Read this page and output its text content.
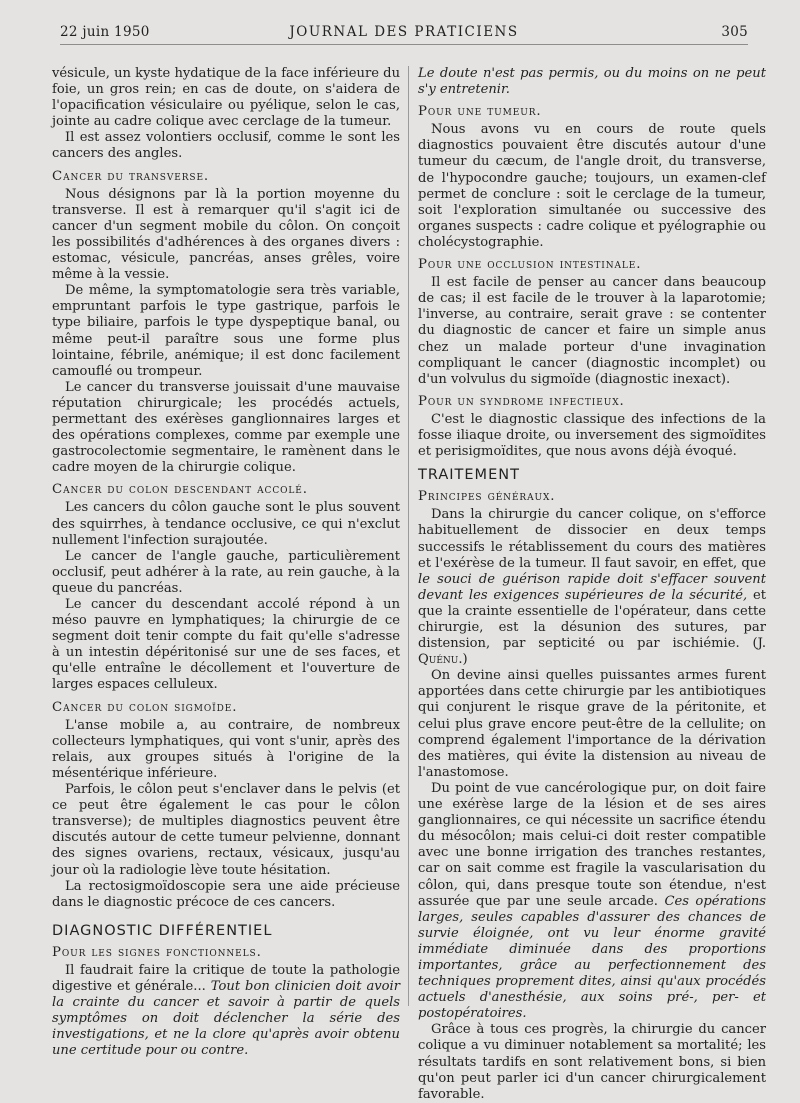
22 juin 1950	JOURNAL DES PRATICIENS	305

vésicule, un kyste hydatique de la face inférieure du foie, un gros rein; en cas de doute, on s'aidera de l'opacification vésiculaire ou pyélique, selon le cas, jointe au cadre colique avec cerclage de la tumeur.

Il est assez volontiers occlusif, comme le sont les cancers des angles.

Cancer du transverse.

Nous désignons par là la portion moyenne du transverse. Il est à remarquer qu'il s'agit ici de cancer d'un segment mobile du côlon. On conçoit les possibilités d'adhérences à des organes divers : estomac, vésicule, pancréas, anses grêles, voire même à la vessie.

De même, la symptomatologie sera très variable, empruntant parfois le type gastrique, parfois le type biliaire, parfois le type dyspeptique banal, ou même peut-il paraître sous une forme plus lointaine, fébrile, anémique; il est donc facilement camouflé ou trompeur.

Le cancer du transverse jouissait d'une mauvaise réputation chirurgicale; les procédés actuels, permettant des exérèses ganglionnaires larges et des opérations complexes, comme par exemple une gastrocolectomie segmentaire, le ramènent dans le cadre moyen de la chirurgie colique.

Cancer du colon descendant accolé.

Les cancers du côlon gauche sont le plus souvent des squirrhes, à tendance occlusive, ce qui n'exclut nullement l'infection surajoutée.

Le cancer de l'angle gauche, particulièrement occlusif, peut adhérer à la rate, au rein gauche, à la queue du pancréas.

Le cancer du descendant accolé répond à un méso pauvre en lymphatiques; la chirurgie de ce segment doit tenir compte du fait qu'elle s'adresse à un intestin dépéritonisé sur une de ses faces, et qu'elle entraîne le décollement et l'ouverture de larges espaces celluleux.

Cancer du colon sigmoïde.

L'anse mobile a, au contraire, de nombreux collecteurs lymphatiques, qui vont s'unir, après des relais, aux groupes situés à l'origine de la mésentérique inférieure.

Parfois, le côlon peut s'enclaver dans le pelvis (et ce peut être également le cas pour le côlon transverse); de multiples diagnostics peuvent être discutés autour de cette tumeur pelvienne, donnant des signes ovariens, rectaux, vésicaux, jusqu'au jour où la radiologie lève toute hésitation.

La rectosigmoïdoscopie sera une aide précieuse dans le diagnostic précoce de ces cancers.

DIAGNOSTIC DIFFÉRENTIEL
Pour les signes fonctionnels.

Il faudrait faire la critique de toute la pathologie digestive et générale... Tout bon clinicien doit avoir la crainte du cancer et savoir à partir de quels symptômes on doit déclencher la série des investigations, et ne la clore qu'après avoir obtenu une certitude pour ou contre.

Le doute n'est pas permis, ou du moins on ne peut s'y entretenir.

Pour une tumeur.

Nous avons vu en cours de route quels diagnostics pouvaient être discutés autour d'une tumeur du cæcum, de l'angle droit, du transverse, de l'hypocondre gauche; toujours, un examen-clef permet de conclure : soit le cerclage de la tumeur, soit l'exploration simultanée ou successive des organes suspects : cadre colique et pyélographie ou cholécystographie.

Pour une occlusion intestinale.

Il est facile de penser au cancer dans beaucoup de cas; il est facile de le trouver à la laparotomie; l'inverse, au contraire, serait grave : se contenter du diagnostic de cancer et faire un simple anus chez un malade porteur d'une invagination compliquant le cancer (diagnostic incomplet) ou d'un volvulus du sigmoïde (diagnostic inexact).

Pour un syndrome infectieux.

C'est le diagnostic classique des infections de la fosse iliaque droite, ou inversement des sigmoïdites et perisigmoïdites, que nous avons déjà évoqué.

TRAITEMENT
Principes généraux.

Dans la chirurgie du cancer colique, on s'efforce habituellement de dissocier en deux temps successifs le rétablissement du cours des matières et l'exérèse de la tumeur. Il faut savoir, en effet, que le souci de guérison rapide doit s'effacer souvent devant les exigences supérieures de la sécurité, et que la crainte essentielle de l'opérateur, dans cette chirurgie, est la désunion des sutures, par distension, par septicité ou par ischiémie. (J. Quénu.)

On devine ainsi quelles puissantes armes furent apportées dans cette chirurgie par les antibiotiques qui conjurent le risque grave de la péritonite, et celui plus grave encore peut-être de la cellulite; on comprend également l'importance de la dérivation des matières, qui évite la distension au niveau de l'anastomose.

Du point de vue cancérologique pur, on doit faire une exérèse large de la lésion et de ses aires ganglionnaires, ce qui nécessite un sacrifice étendu du mésocôlon; mais celui-ci doit rester compatible avec une bonne irrigation des tranches restantes, car on sait comme est fragile la vascularisation du côlon, qui, dans presque toute son étendue, n'est assurée que par une seule arcade. Ces opérations larges, seules capables d'assurer des chances de survie éloignée, ont vu leur énorme gravité immédiate diminuée dans des proportions importantes, grâce au perfectionnement des techniques proprement dites, ainsi qu'aux procédés actuels d'anesthésie, aux soins pré-, per- et postopératoires.

Grâce à tous ces progrès, la chirurgie du cancer colique a vu diminuer notablement sa mortalité; les résultats tardifs en sont relativement bons, si bien qu'on peut parler ici d'un cancer chirurgicalement favorable.
